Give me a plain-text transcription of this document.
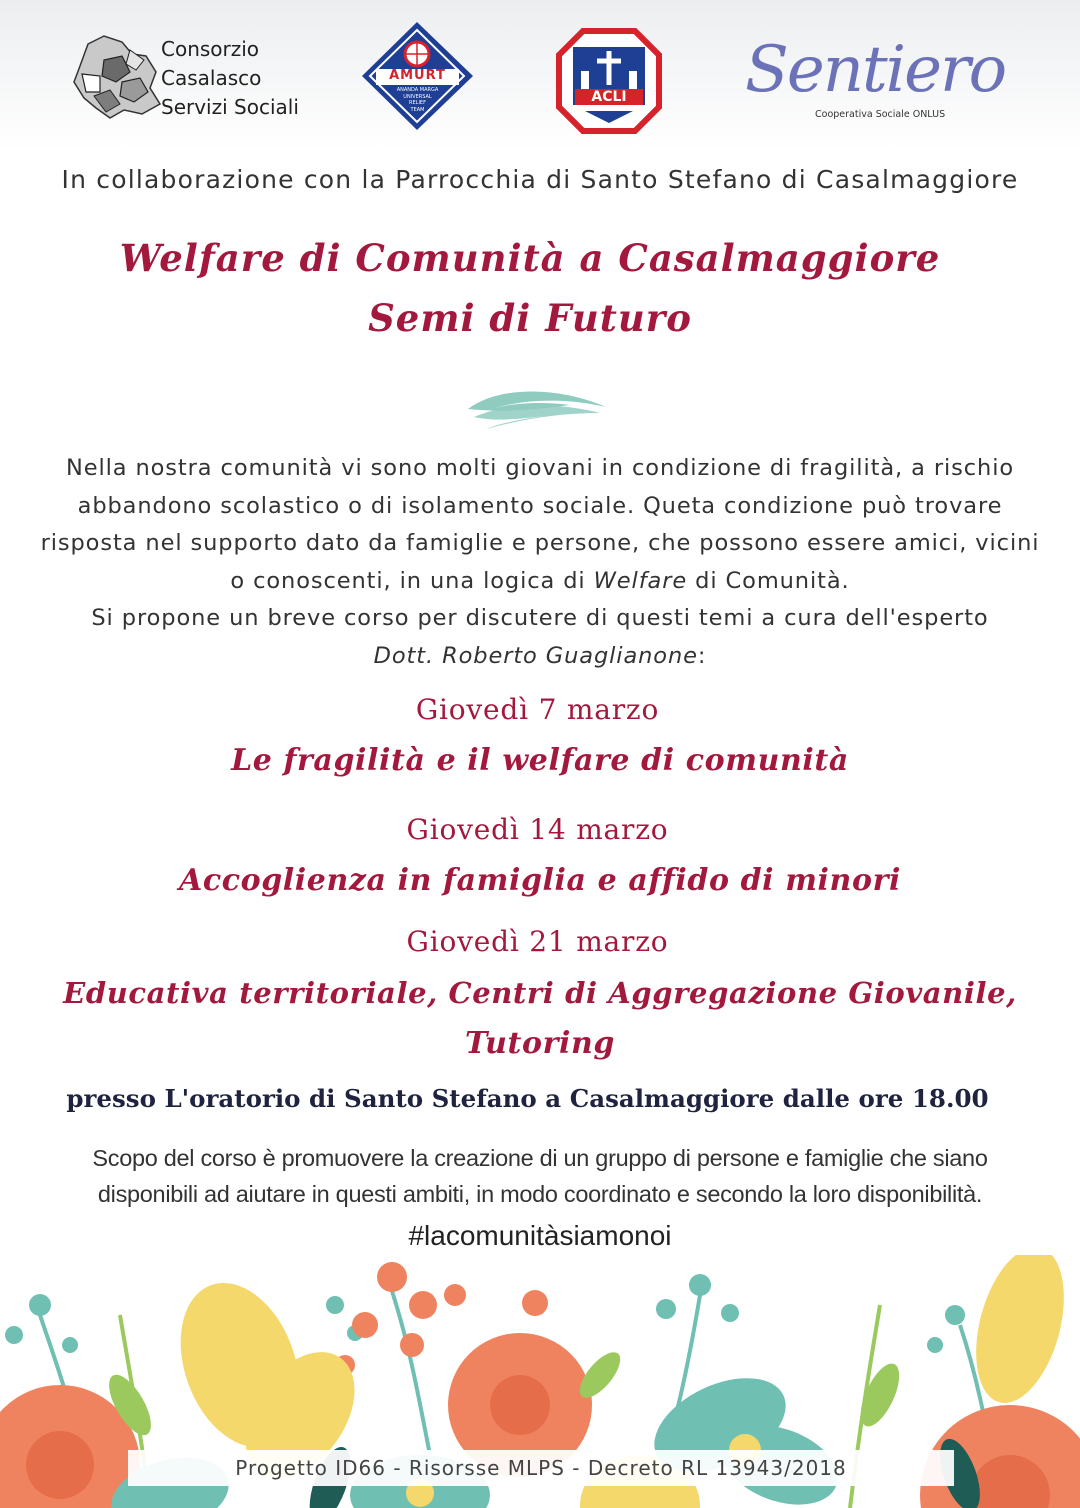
Consorzio
Casalasco
Servizi Sociali
AMURT
ANANDA MARGA
UNIVERSAL
RELIEF
TEAM
ACLI	Sentiero
Cooperativa Sociale ONLUS
In collaborazione con la Parrocchia di Santo Stefano di Casalmaggiore
Welfare di Comunità a Casalmaggiore
Semi di Futuro
Nella nostra comunità vi sono molti giovani in condizione di fragilità, a rischio abbandono scolastico o di isolamento sociale. Queta condizione può trovare risposta nel supporto dato da famiglie e persone, che possono essere amici, vicini o conoscenti, in una logica di Welfare di Comunità.
Si propone un breve corso per discutere di questi temi a cura dell'esperto
Dott. Roberto Guaglianone:
Giovedì 7 marzo
Le fragilità e il welfare di comunità
Giovedì 14 marzo
Accoglienza in famiglia e affido di minori
Giovedì 21 marzo
Educativa territoriale, Centri di Aggregazione Giovanile,
Tutoring
presso L'oratorio di Santo Stefano a Casalmaggiore dalle ore 18.00
Scopo del corso è promuovere la creazione di un gruppo di persone e famiglie che siano
disponibili ad aiutare in questi ambiti, in modo coordinato e secondo la loro disponibilità.
#lacomunitàsiamonoi
Progetto ID66 - Risorsse MLPS - Decreto RL 13943/2018
